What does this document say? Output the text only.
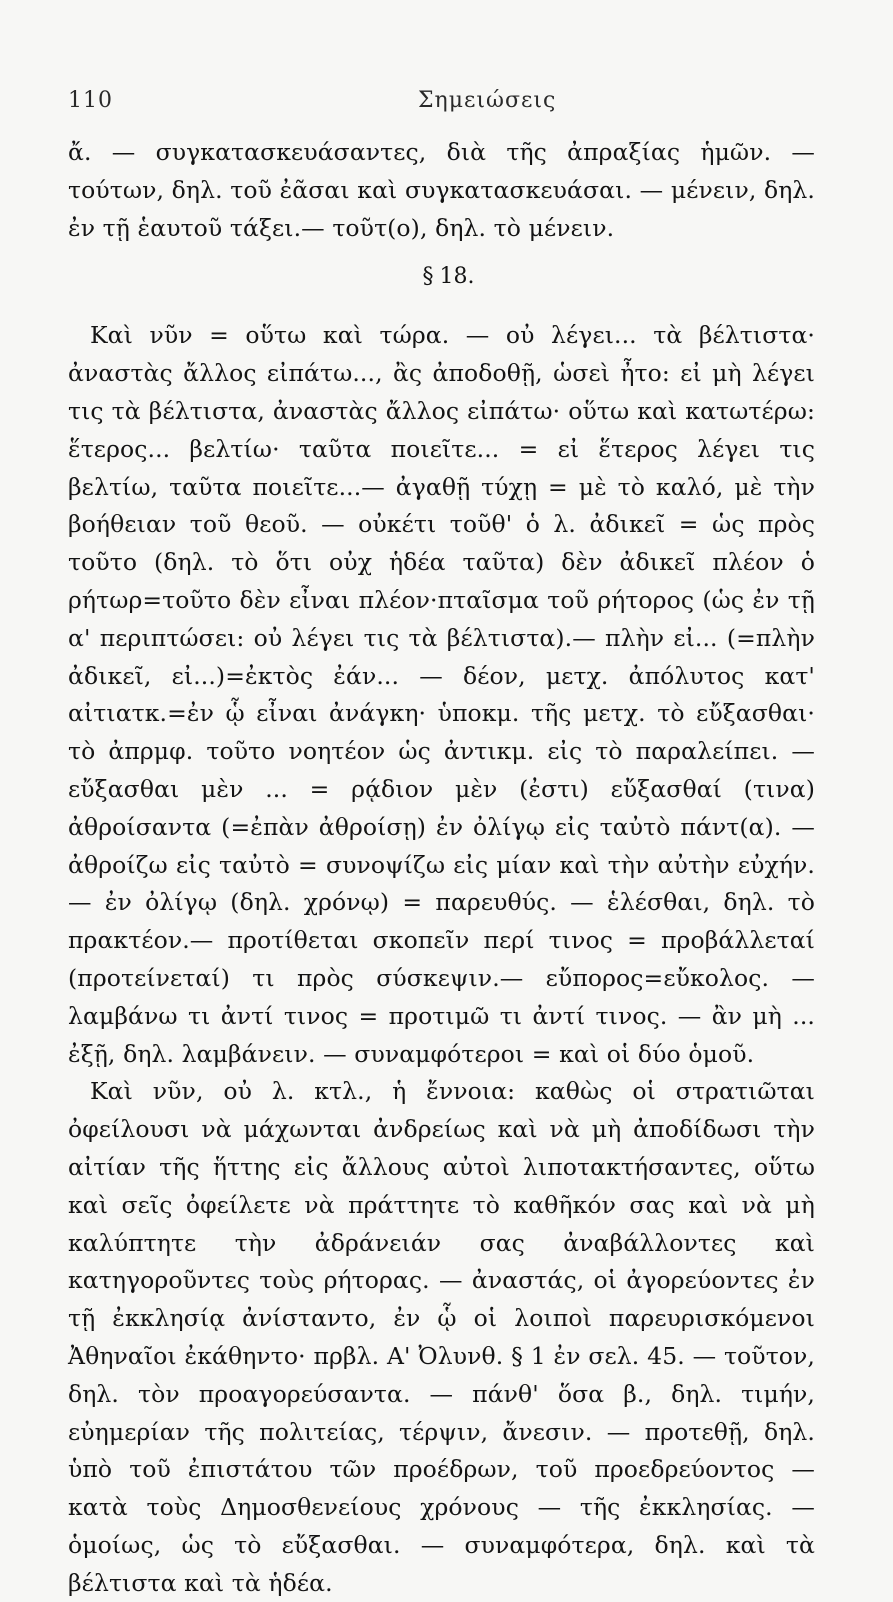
110	Σημειώσεις

ἄ. — συγκατασκευάσαντες, διὰ τῆς ἀπραξίας ἡμῶν. — τούτων, δηλ. τοῦ ἐᾶσαι καὶ συγκατασκευάσαι. — μένειν, δηλ. ἐν τῇ ἑαυτοῦ τάξει.— τοῦτ(ο), δηλ. τὸ μένειν.

§ 18.

Καὶ νῦν = οὕτω καὶ τώρα. — οὐ λέγει... τὰ βέλτιστα· ἀναστὰς ἄλλος εἰπάτω..., ἂς ἀποδοθῇ, ὡσεὶ ἦτο: εἰ μὴ λέγει τις τὰ βέλτιστα, ἀναστὰς ἄλλος εἰπάτω· οὕτω καὶ κατωτέρω: ἕτερος... βελτίω· ταῦτα ποιεῖτε... = εἰ ἕτερος λέγει τις βελτίω, ταῦτα ποιεῖτε...— ἀγαθῇ τύχῃ = μὲ τὸ καλό, μὲ τὴν βοήθειαν τοῦ θεοῦ. — οὐκέτι τοῦθ' ὁ λ. ἀδικεῖ = ὡς πρὸς τοῦτο (δηλ. τὸ ὅτι οὐχ ἡδέα ταῦτα) δὲν ἀδικεῖ πλέον ὁ ρήτωρ=τοῦτο δὲν εἶναι πλέον·πταῖσμα τοῦ ρήτορος (ὡς ἐν τῇ α' περιπτώσει: οὐ λέγει τις τὰ βέλτιστα).— πλὴν εἰ... (=πλὴν ἀδικεῖ, εἰ...)=ἐκτὸς ἐάν... — δέον, μετχ. ἀπόλυτος κατ' αἰτιατκ.=ἐν ᾧ εἶναι ἀνάγκη· ὑποκμ. τῆς μετχ. τὸ εὔξασθαι· τὸ ἀπρμφ. τοῦτο νοητέον ὡς ἀντικμ. εἰς τὸ παραλείπει. — εὔξασθαι μὲν ... = ρᾴδιον μὲν (ἐστι) εὔξασθαί (τινα) ἀθροίσαντα (=ἐπὰν ἀθροίσῃ) ἐν ὀλίγῳ εἰς ταὐτὸ πάντ(α). — ἀθροίζω εἰς ταὐτὸ = συνοψίζω εἰς μίαν καὶ τὴν αὐτὴν εὐχήν. — ἐν ὀλίγῳ (δηλ. χρόνῳ) = παρευθύς. — ἑλέσθαι, δηλ. τὸ πρακτέον.— προτίθεται σκοπεῖν περί τινος = προβάλλεταί (προτείνεταί) τι πρὸς σύσκεψιν.— εὔπορος=εὔκολος. — λαμβάνω τι ἀντί τινος = προτιμῶ τι ἀντί τινος. — ἂν μὴ ... ἐξῇ, δηλ. λαμβάνειν. — συναμφότεροι = καὶ οἱ δύο ὁμοῦ.

Καὶ νῦν, οὐ λ. κτλ., ἡ ἔννοια: καθὼς οἱ στρατιῶται ὀφείλουσι νὰ μάχωνται ἀνδρείως καὶ νὰ μὴ ἀποδίδωσι τὴν αἰτίαν τῆς ἥττης εἰς ἄλλους αὐτοὶ λιποτακτήσαντες, οὕτω καὶ σεῖς ὀφείλετε νὰ πράττητε τὸ καθῆκόν σας καὶ νὰ μὴ καλύπτητε τὴν ἀδράνειάν σας ἀναβάλλοντες καὶ κατηγοροῦντες τοὺς ρήτορας. — ἀναστάς, οἱ ἀγορεύοντες ἐν τῇ ἐκκλησίᾳ ἀνίσταντο, ἐν ᾧ οἱ λοιποὶ παρευρισκόμενοι Ἀθηναῖοι ἐκάθηντο· πρβλ. Α' Ὀλυνθ. § 1 ἐν σελ. 45. — τοῦτον, δηλ. τὸν προαγορεύσαντα. — πάνθ' ὅσα β., δηλ. τιμήν, εὐημερίαν τῆς πολιτείας, τέρψιν, ἄνεσιν. — προτεθῇ, δηλ. ὑπὸ τοῦ ἐπιστάτου τῶν προέδρων, τοῦ προεδρεύοντος — κατὰ τοὺς Δημοσθενείους χρόνους — τῆς ἐκκλησίας. — ὁμοίως, ὡς τὸ εὔξασθαι. — συναμφότερα, δηλ. καὶ τὰ βέλτιστα καὶ τὰ ἡδέα.
